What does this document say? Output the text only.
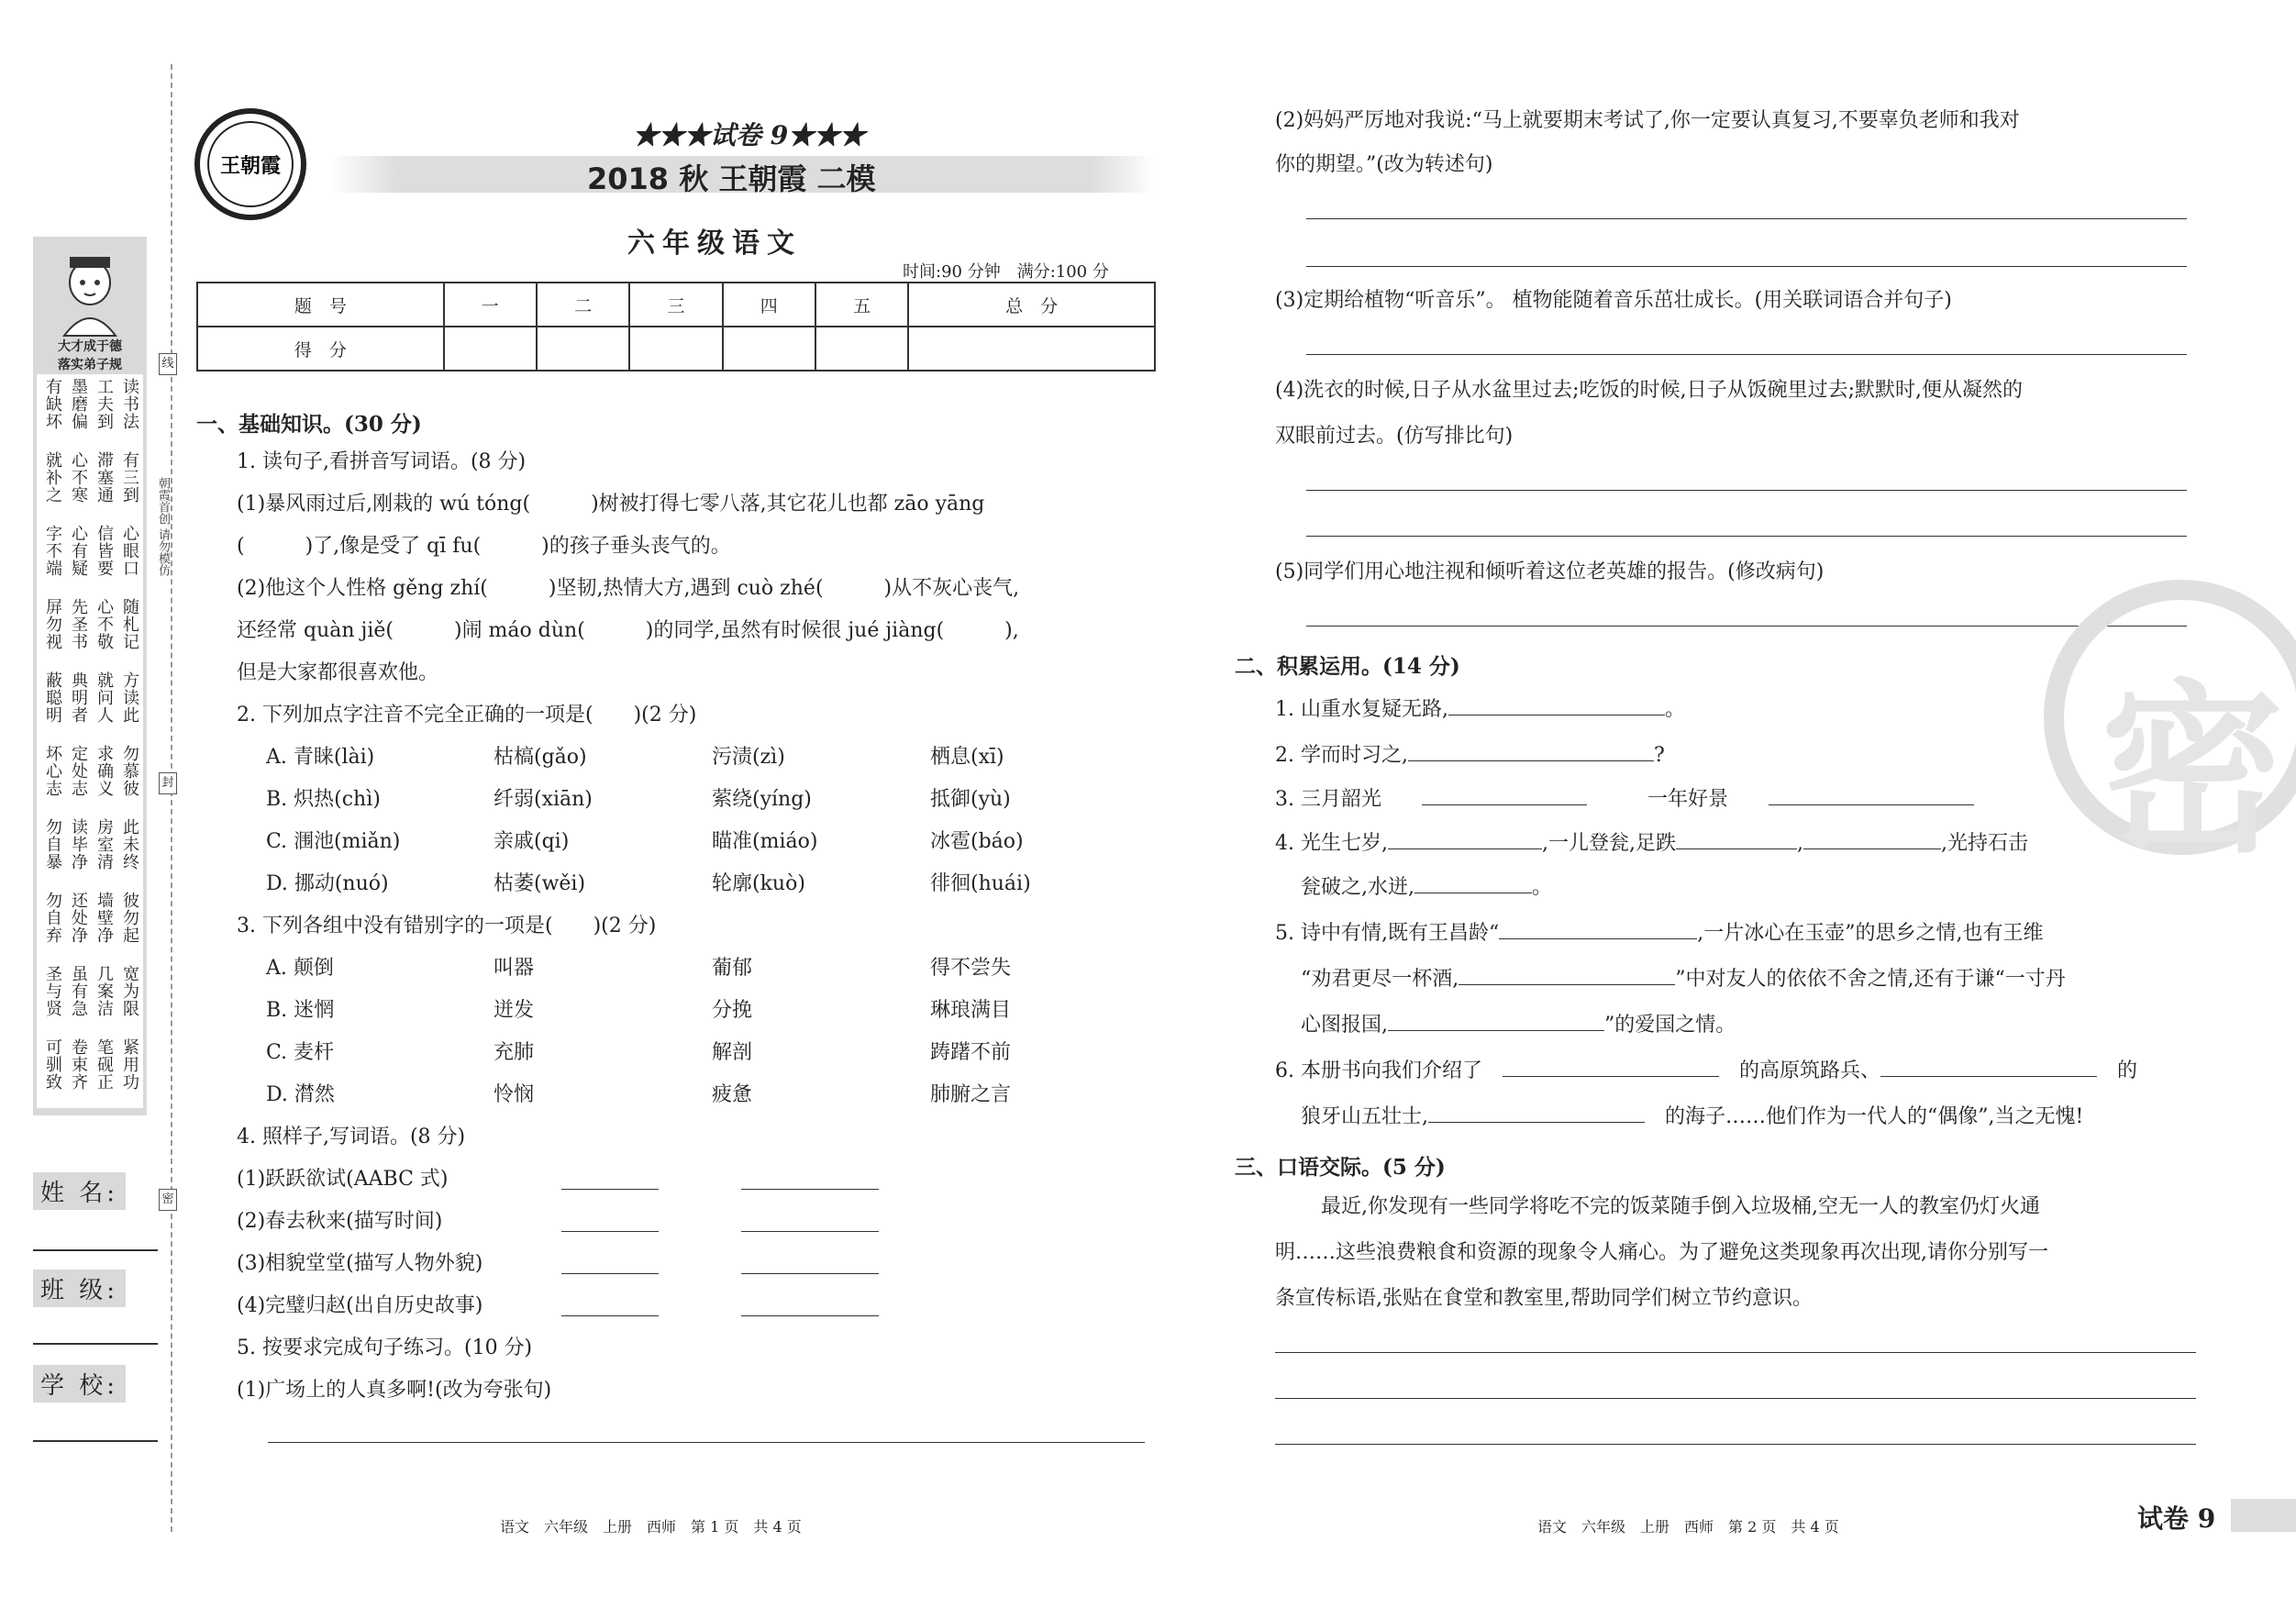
大才成于德
落实弟子规
读书法
工夫到
墨磨偏
有缺坏
有三到
滞塞通
心不寒
就补之
心眼口
信皆要
心有疑
字不端
随札记
心不敬
先圣书
屏勿视
方读此
就问人
典明者
蔽聪明
勿慕彼
求确义
定处志
坏心志
此未终
房室清
读毕净
勿自暴
彼勿起
墙壁净
还处净
勿自弃
宽为限
几案洁
虽有急
圣与贤
紧用功
笔砚正
卷束齐
可驯致
线
封
密
朝霞首创 请勿模仿
姓 名:
班 级:
学 校:
王朝霞
★★★试卷 9★★★
2018 秋 王朝霞 二模
六年级语文
时间:90 分钟　满分:100 分
题　号	一	二	三	四	五	总　分
得　分						
一、基础知识。(30 分)
1. 读句子,看拼音写词语。(8 分)
(1)暴风雨过后,刚栽的 wú tóng(　　　)树被打得七零八落,其它花儿也都 zāo yāng
(　　　)了,像是受了 qī fu(　　　)的孩子垂头丧气的。
(2)他这个人性格 gěng zhí(　　　)坚韧,热情大方,遇到 cuò zhé(　　　)从不灰心丧气,
还经常 quàn jiě(　　　)闹 máo dùn(　　　)的同学,虽然有时候很 jué jiàng(　　　),
但是大家都很喜欢他。
2. 下列加点字注音不完全正确的一项是(　　)(2 分)
A. 青睐(lài)	枯槁(gǎo)	污渍(zì)	栖息(xī)
B. 炽热(chì)	纤弱(xiān)	萦绕(yíng)	抵御(yù)
C. 涠池(miǎn)	亲戚(qi)	瞄准(miáo)	冰雹(báo)
D. 挪动(nuó)	枯萎(wěi)	轮廓(kuò)	徘徊(huái)
3. 下列各组中没有错别字的一项是(　　)(2 分)
A. 颠倒	叫器	葡郁	得不尝失
B. 迷惘	迸发	分挽	琳琅满目
C. 麦杆	充肺	解剖	踌躇不前
D. 潸然	怜悯	疲惫	肺腑之言
4. 照样子,写词语。(8 分)
(1)跃跃欲试(AABC 式)
(2)春去秋来(描写时间)
(3)相貌堂堂(描写人物外貌)
(4)完璧归赵(出自历史故事)
5. 按要求完成句子练习。(10 分)
(1)广场上的人真多啊!(改为夸张句)
语文　六年级　上册　西师　第 1 页　共 4 页
(2)妈妈严厉地对我说:“马上就要期末考试了,你一定要认真复习,不要辜负老师和我对
你的期望。”(改为转述句)
(3)定期给植物“听音乐”。 植物能随着音乐茁壮成长。(用关联词语合并句子)
(4)洗衣的时候,日子从水盆里过去;吃饭的时候,日子从饭碗里过去;默默时,便从凝然的
双眼前过去。(仿写排比句)
(5)同学们用心地注视和倾听着这位老英雄的报告。(修改病句)
密
二、积累运用。(14 分)
1. 山重水复疑无路,	。
2. 学而时习之,	?
3. 三月韶光　　　　　	一年好景　　
4. 光生七岁,	,一儿登瓮,足跌	,	,光持石击
瓮破之,水迸,	。
5. 诗中有情,既有王昌龄“	,一片冰心在玉壶”的思乡之情,也有王维
“劝君更尽一杯酒,	”中对友人的依依不舍之情,还有于谦“一寸丹
心图报国,	”的爱国之情。
6. 本册书向我们介绍了　　	的高原筑路兵、　	的
狼牙山五壮士,　	的海子……他们作为一代人的“偶像”,当之无愧!
三、口语交际。(5 分)
最近,你发现有一些同学将吃不完的饭菜随手倒入垃圾桶,空无一人的教室仍灯火通
明……这些浪费粮食和资源的现象令人痛心。为了避免这类现象再次出现,请你分别写一
条宣传标语,张贴在食堂和教室里,帮助同学们树立节约意识。
语文　六年级　上册　西师　第 2 页　共 4 页	试卷 9
